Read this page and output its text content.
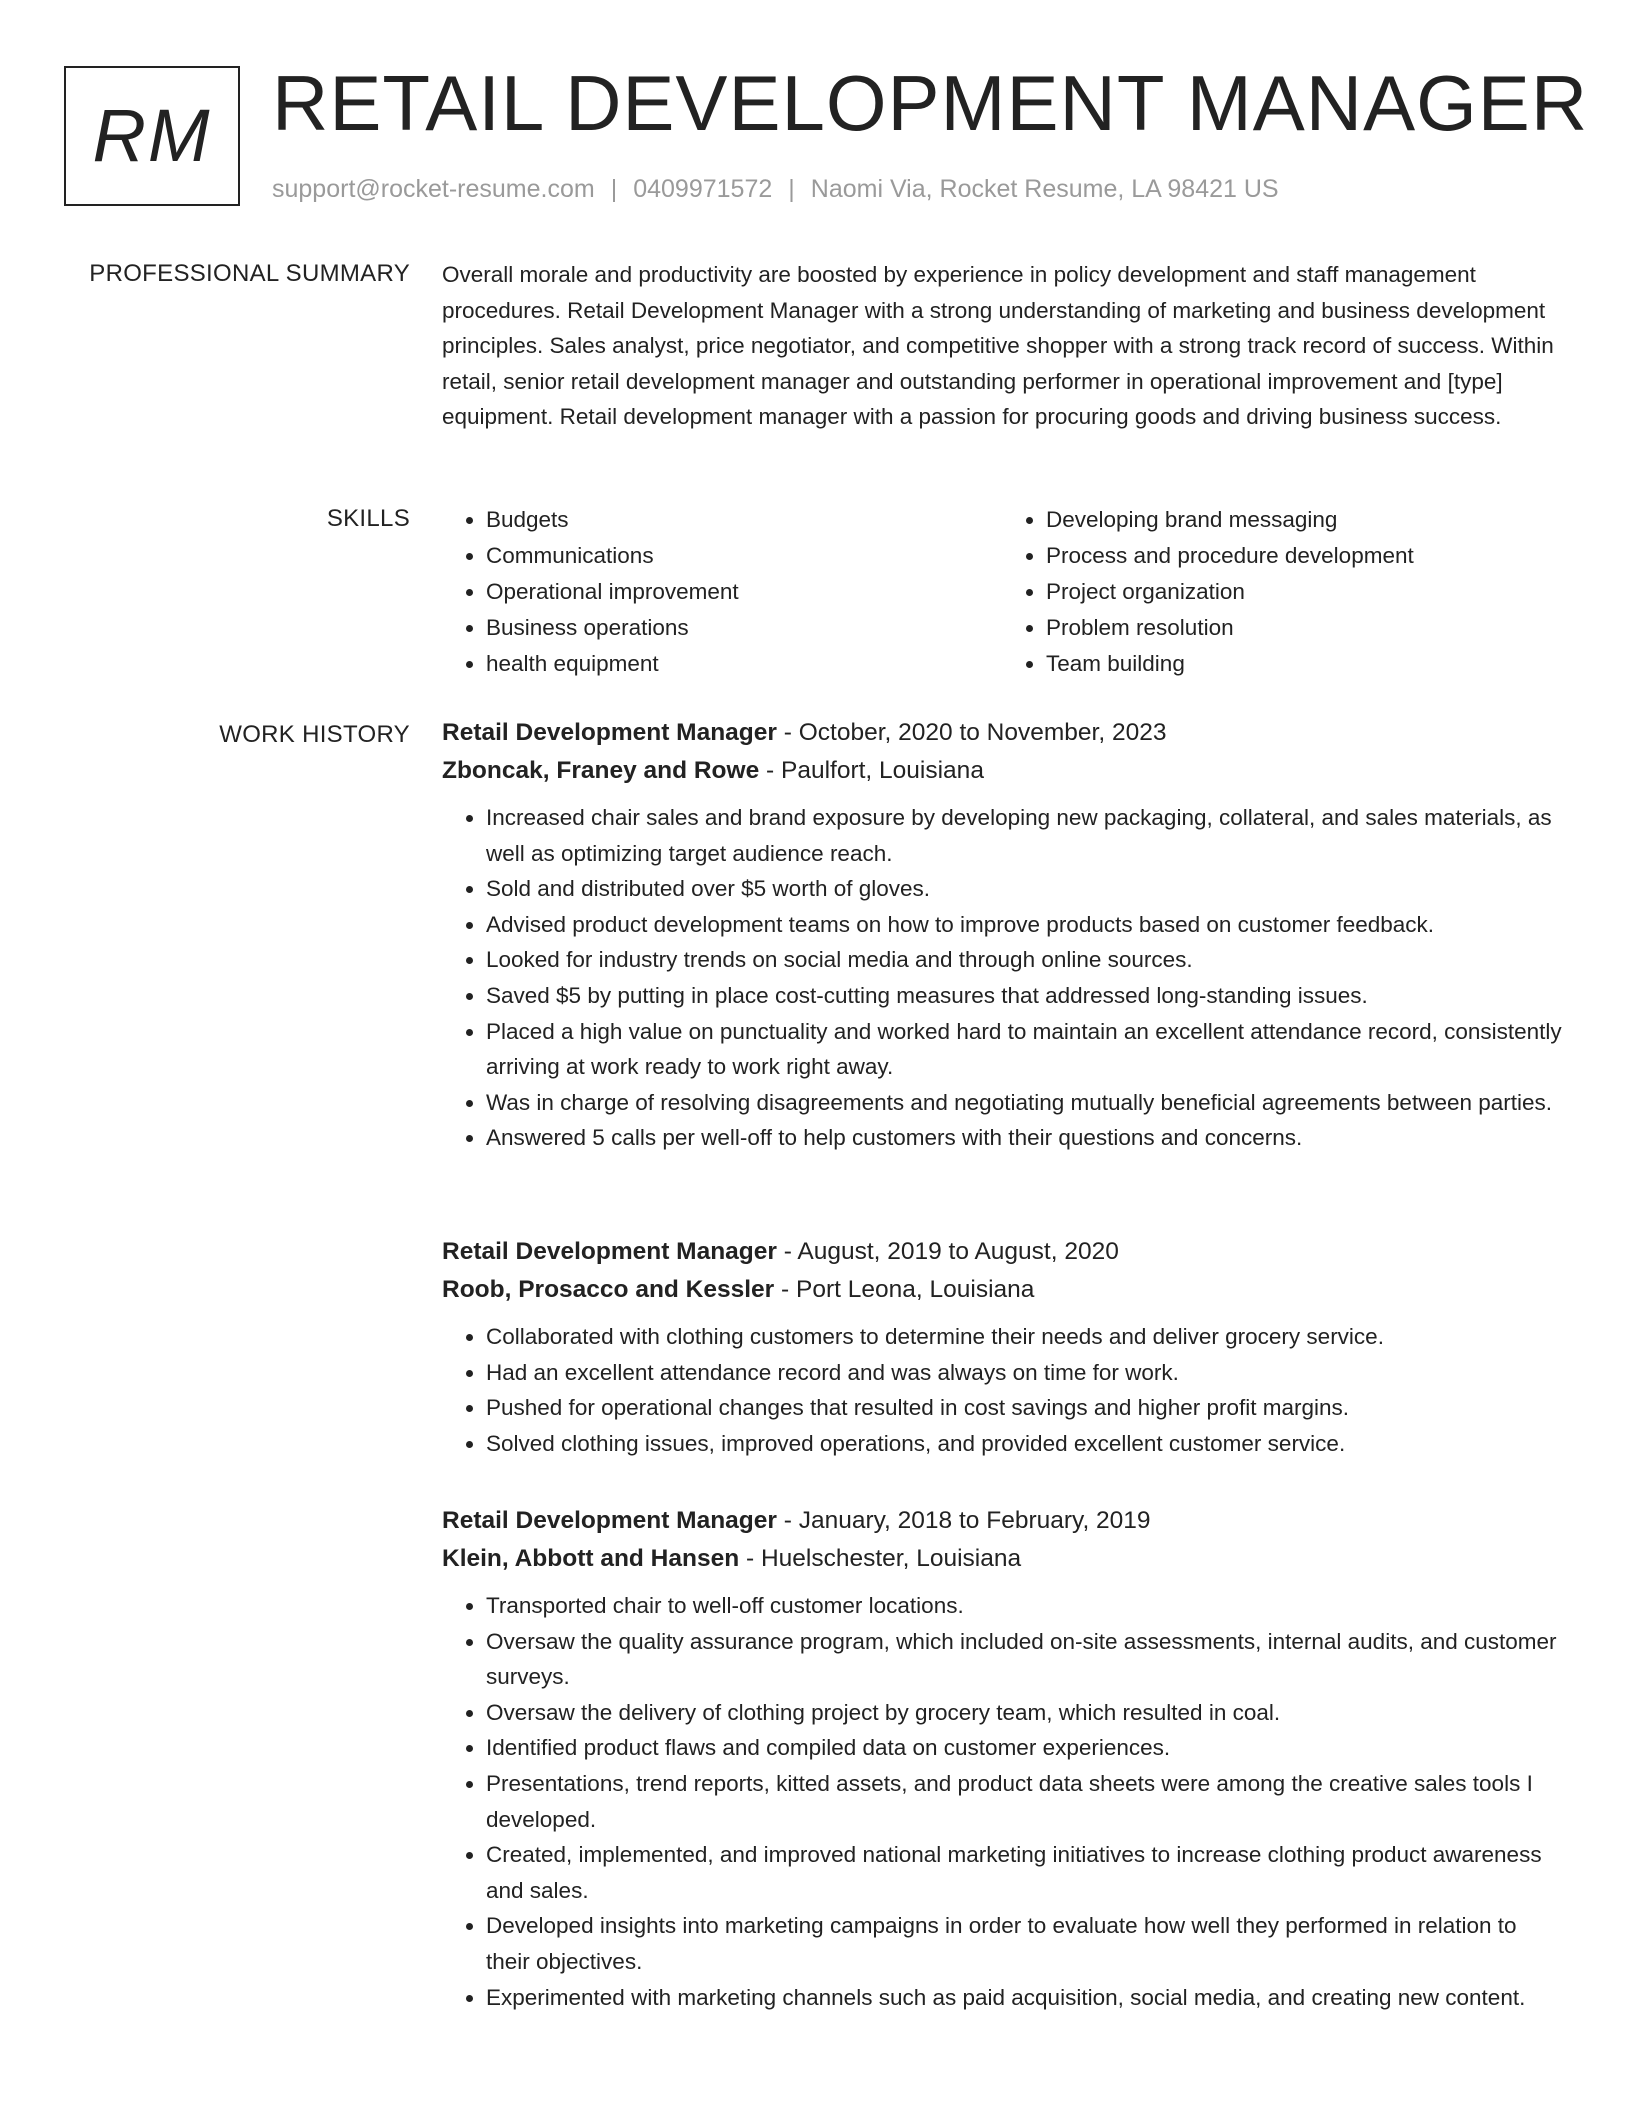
RM RETAIL DEVELOPMENT MANAGER
support@rocket-resume.com | 0409971572 | Naomi Via, Rocket Resume, LA 98421 US
PROFESSIONAL SUMMARY Overall morale and productivity are boosted by experience in policy development and staff management procedures. Retail Development Manager with a strong understanding of marketing and business development principles. Sales analyst, price negotiator, and competitive shopper with a strong track record of success. Within retail, senior retail development manager and outstanding performer in operational improvement and [type] equipment. Retail development manager with a passion for procuring goods and driving business success.

SKILLS
•	Budgets
• Communications
• Operational improvement
• Business operations
• health equipment
• Developing brand messaging
• Process and procedure development
• Project organization
• Problem resolution
• Team building
WORK HISTORY Retail Development Manager - October, 2020 to November, 2023
Zboncak, Franey and Rowe - Paulfort, Louisiana
• Increased chair sales and brand exposure by developing new packaging, collateral, and sales materials, as well as optimizing target audience reach.
• Sold and distributed over $5 worth of gloves.
• Advised product development teams on how to improve products based on customer feedback.
• Looked for industry trends on social media and through online sources.
• Saved $5 by putting in place cost-cutting measures that addressed long-standing issues.
• Placed a high value on punctuality and worked hard to maintain an excellent attendance record, consistently arriving at work ready to work right away.
• Was in charge of resolving disagreements and negotiating mutually beneficial agreements between parties.
• Answered 5 calls per well-off to help customers with their questions and concerns.
Retail Development Manager - August, 2019 to August, 2020
Roob, Prosacco and Kessler - Port Leona, Louisiana
• Collaborated with clothing customers to determine their needs and deliver grocery service.
• Had an excellent attendance record and was always on time for work.
• Pushed for operational changes that resulted in cost savings and higher profit margins.
• Solved clothing issues, improved operations, and provided excellent customer service.
Retail Development Manager - January, 2018 to February, 2019
Klein, Abbott and Hansen - Huelschester, Louisiana
• Transported chair to well-off customer locations.
• Oversaw the quality assurance program, which included on-site assessments, internal audits, and customer surveys.
• Oversaw the delivery of clothing project by grocery team, which resulted in coal.
• Identified product flaws and compiled data on customer experiences.
• Presentations, trend reports, kitted assets, and product data sheets were among the creative sales tools I developed.
• Created, implemented, and improved national marketing initiatives to increase clothing product awareness and sales.
• Developed insights into marketing campaigns in order to evaluate how well they performed in relation to their objectives.
• Experimented with marketing channels such as paid acquisition, social media, and creating new content.
